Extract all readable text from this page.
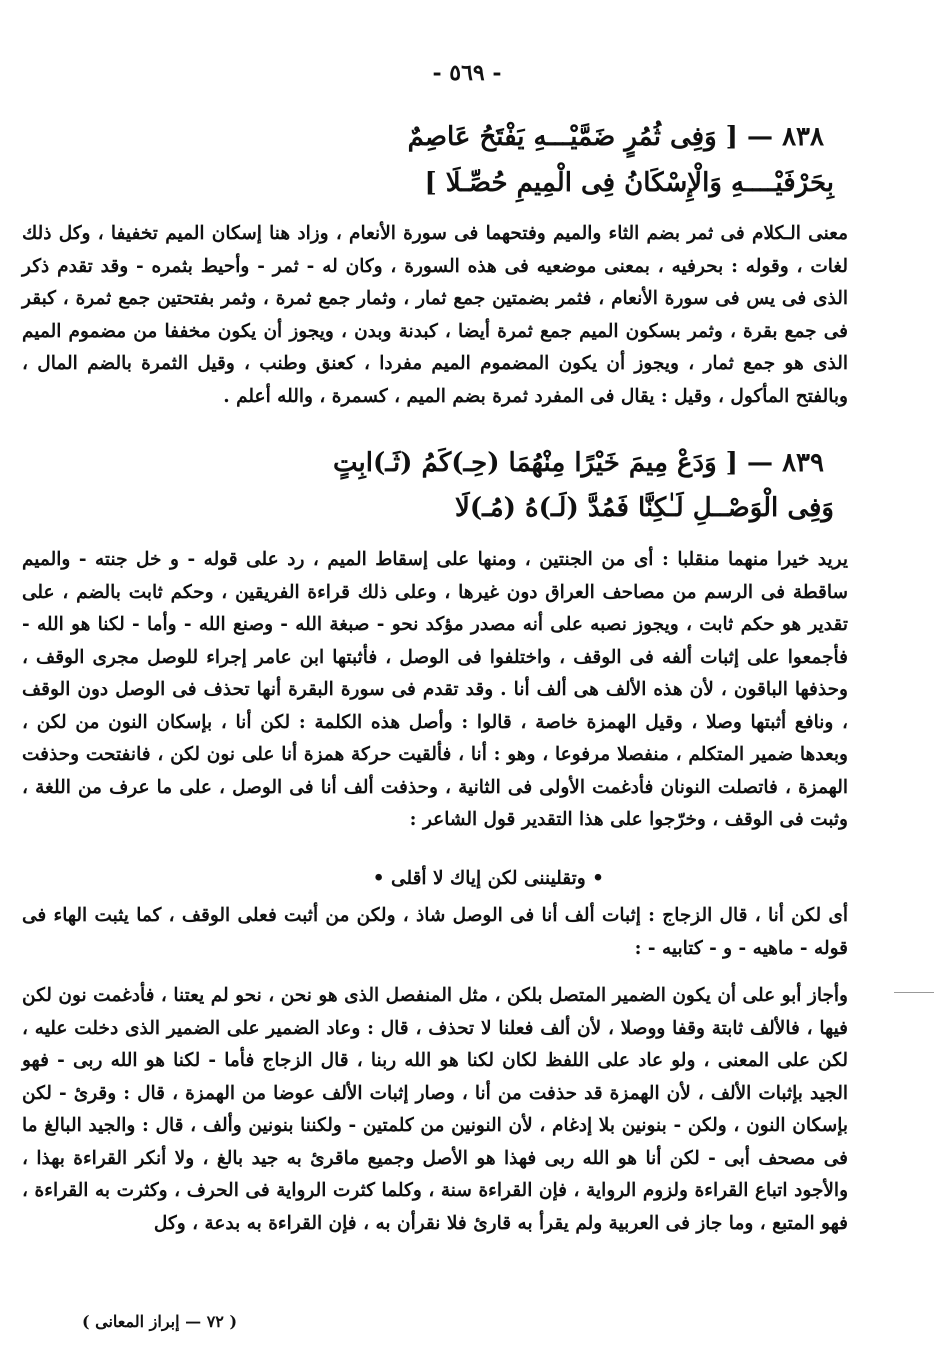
- ٥٦٩ -
٨٣٨ — [ وَفِى ثُمُرٍ ضَمَّيْـــهِ يَفْتَحُ عَاصِمٌ
بِحَرْفَيْــــهِ وَالْإِسْكَانُ فِى الْمِيمِ حُصِّـلَا ]

معنى الـكلام فى ثمر بضم الثاء والميم وفتحهما فى سورة الأنعام ، وزاد هنا إسكان الميم تخفيفا ، وكل ذلك لغات ، وقوله : بحرفيه ، بمعنى موضعيه فى هذه السورة ، وكان له - ثمر - وأحيط بثمره - وقد تقدم ذكر الذى فى يس فى سورة الأنعام ، فثمر بضمتين جمع ثمار ، وثمار جمع ثمرة ، وثمر بفتحتين جمع ثمرة ، كبقر فى جمع بقرة ، وثمر بسكون الميم جمع ثمرة أيضا ، كبدنة وبدن ، ويجوز أن يكون مخففا من مضموم الميم الذى هو جمع ثمار ، ويجوز أن يكون المضموم الميم مفردا ، كعنق وطنب ، وقيل الثمرة بالضم المال ، وبالفتح المأكول ، وقيل : يقال فى المفرد ثمرة بضم الميم ، كسمرة ، والله أعلم .

٨٣٩ — [ وَدَعْ مِيمَ خَيْرًا مِنْهُمَا (حِـ)كَمُ (ثَـ)ابِتٍ
وَفِى الْوَصْــلِ لَـٰكِنَّا فَمُدَّ (لَـ)هُ (مُـ)لَا

يريد خيرا منهما منقلبا : أى من الجنتين ، ومنها على إسقاط الميم ، رد على قوله - و خل جنته - والميم ساقطة فى الرسم من مصاحف العراق دون غيرها ، وعلى ذلك قراءة الفريقين ، وحكم ثابت بالضم ، على تقدير هو حكم ثابت ، ويجوز نصبه على أنه مصدر مؤكد نحو - صبغة الله - وصنع الله - وأما - لكنا هو الله - فأجمعوا على إثبات ألفه فى الوقف ، واختلفوا فى الوصل ، فأثبتها ابن عامر إجراء للوصل مجرى الوقف ، وحذفها الباقون ، لأن هذه الألف هى ألف أنا . وقد تقدم فى سورة البقرة أنها تحذف فى الوصل دون الوقف ، ونافع أثبتها وصلا ، وقيل الهمزة خاصة ، قالوا : وأصل هذه الكلمة : لكن أنا ، بإسكان النون من لكن ، وبعدها ضمير المتكلم ، منفصلا مرفوعا ، وهو : أنا ، فألقيت حركة همزة أنا على نون لكن ، فانفتحت وحذفت الهمزة ، فاتصلت النونان فأدغمت الأولى فى الثانية ، وحذفت ألف أنا فى الوصل ، على ما عرف من اللغة ، وثبت فى الوقف ، وخرّجوا على هذا التقدير قول الشاعر :

• وتقليننى لكن إياك لا أقلى •

أى لكن أنا ، قال الزجاج : إثبات ألف أنا فى الوصل شاذ ، ولكن من أثبت فعلى الوقف ، كما يثبت الهاء فى قوله - ماهيه - و - كتابيه - :

وأجاز أبو على أن يكون الضمير المتصل بلكن ، مثل المنفصل الذى هو نحن ، نحو لم يعتنا ، فأدغمت نون لكن فيها ، فالألف ثابتة وقفا ووصلا ، لأن ألف فعلنا لا تحذف ، قال : وعاد الضمير على الضمير الذى دخلت عليه ، لكن على المعنى ، ولو عاد على اللفظ لكان لكنا هو الله ربنا ، قال الزجاج فأما - لكنا هو الله ربى - فهو الجيد بإثبات الألف ، لأن الهمزة قد حذفت من أنا ، وصار إثبات الألف عوضا من الهمزة ، قال : وقرئ - لكن بإسكان النون ، ولكن - بنونين بلا إدغام ، لأن النونين من كلمتين - ولكننا بنونين وألف ، قال : والجيد البالغ ما فى مصحف أبى - لكن أنا هو الله ربى فهذا هو الأصل وجميع ماقرئ به جيد بالغ ، ولا أنكر القراءة بهذا ، والأجود اتباع القراءة ولزوم الرواية ، فإن القراءة سنة ، وكلما كثرت الرواية فى الحرف ، وكثرت به القراءة ، فهو المتبع ، وما جاز فى العربية ولم يقرأ به قارئ فلا نقرأن به ، فإن القراءة به بدعة ، وكل

( ٧٢ — إبراز المعانى )
